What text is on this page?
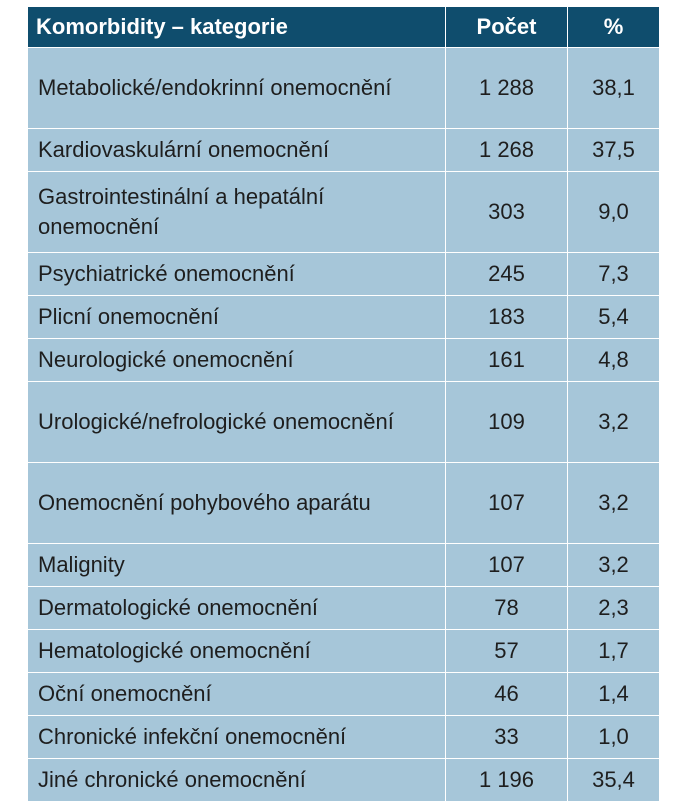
Komorbidity – kategorie	Počet	%
Metabolické/endokrinní onemocnění	1 288	38,1
Kardiovaskulární onemocnění	1 268	37,5
Gastrointestinální a hepatální onemocnění	303	9,0
Psychiatrické onemocnění	245	7,3
Plicní onemocnění	183	5,4
Neurologické onemocnění	161	4,8
Urologické/nefrologické onemocnění	109	3,2
Onemocnění pohybového aparátu	107	3,2
Malignity	107	3,2
Dermatologické onemocnění	78	2,3
Hematologické onemocnění	57	1,7
Oční onemocnění	46	1,4
Chronické infekční onemocnění	33	1,0
Jiné chronické onemocnění	1 196	35,4
